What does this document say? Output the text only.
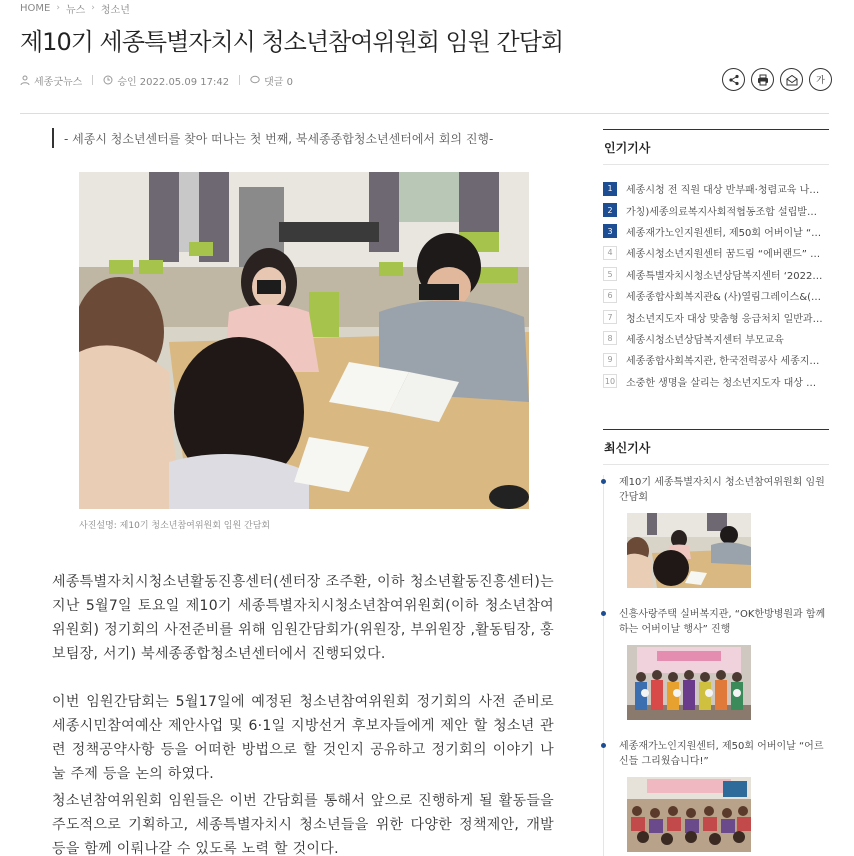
HOME › 뉴스 › 청소년
제10기 세종특별자치시 청소년참여위원회 임원 간담회
세종굿뉴스	승인 2022.05.09 17:42	댓글 0	가
- 세종시 청소년센터를 찾아 떠나는 첫 번째, 북세종종합청소년센터에서 회의 진행-
사진설명: 제10기 청소년참여위원회 임원 간담회

세종특별자치시청소년활동진흥센터(센터장 조주환, 이하 청소년활동진흥센터)는 지난 5월7일 토요일 제10기 세종특별자치시청소년참여위원회(이하 청소년참여위원회) 정기회의 사전준비를 위해 임원간담회가(위원장, 부위원장 ,활동팀장, 홍보팀장, 서기) 북세종종합청소년센터에서 진행되었다.

이번 임원간담회는 5월17일에 예정된 청소년참여위원회 정기회의 사전 준비로 세종시민참여예산 제안사업 및 6·1일 지방선거 후보자들에게 제안 할 청소년 관련 정책공약사항 등을 어떠한 방법으로 할 것인지 공유하고 정기회의 이야기 나눌 주제 등을 논의 하였다.

청소년참여위원회 임원들은 이번 간담회를 통해서 앞으로 진행하게 될 활동들을 주도적으로 기획하고, 세종특별자치시 청소년들을 위한 다양한 정책제안, 개발 등을 함께 이뤄나갈 수 있도록 노력 할 것이다.

인기기사
1	세종시청 전 직원 대상 반부패·청렴교육 나…
2	가칭)세종의료복지사회적협동조합 설립발…
3	세종재가노인지원센터, 제50회 어버이날 “…
4	세종시청소년지원센터 꿈드림 “에버랜드” …
5	세종특별자치시청소년상담복지센터 ‘2022…
6	세종종합사회복지관& (사)열림그레이스&(…
7	청소년지도자 대상 맞춤형 응급처치 일반과…
8	세종시청소년상담복지센터 부모교육
9	세종종합사회복지관, 한국전력공사 세종지…
10 소중한 생명을 살리는 청소년지도자 대상 …
최신기사
제10기 세종특별자치시 청소년참여위원회 임원 간담회
신흥사랑주택 실버복지관, “OK한방병원과 함께하는 어버이날 행사” 진행
세종재가노인지원센터, 제50회 어버이날 “어르신들 그리웠습니다!”
